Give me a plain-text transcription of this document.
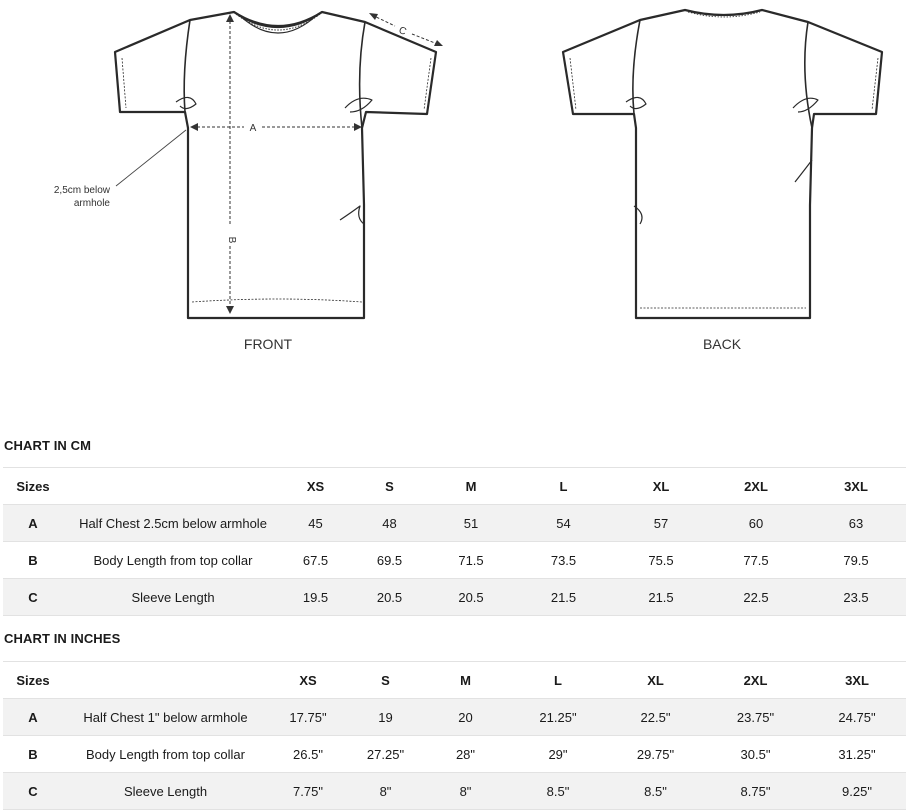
A
B
C
2,5cm below
armhole
FRONT	BACK
CHART IN CM
Sizes		XS	S	M	L	XL	2XL	3XL
A	Half Chest 2.5cm below armhole	45	48	51	54	57	60	63
B	Body Length from top collar	67.5	69.5	71.5	73.5	75.5	77.5	79.5
C	Sleeve Length	19.5	20.5	20.5	21.5	21.5	22.5	23.5
CHART IN INCHES
Sizes		XS	S	M	L	XL	2XL	3XL
A	Half Chest 1" below armhole	17.75"	19	20	21.25"	22.5"	23.75"	24.75"
B	Body Length from top collar	26.5"	27.25"	28"	29"	29.75"	30.5"	31.25"
C	Sleeve Length	7.75"	8"	8"	8.5"	8.5"	8.75"	9.25"
